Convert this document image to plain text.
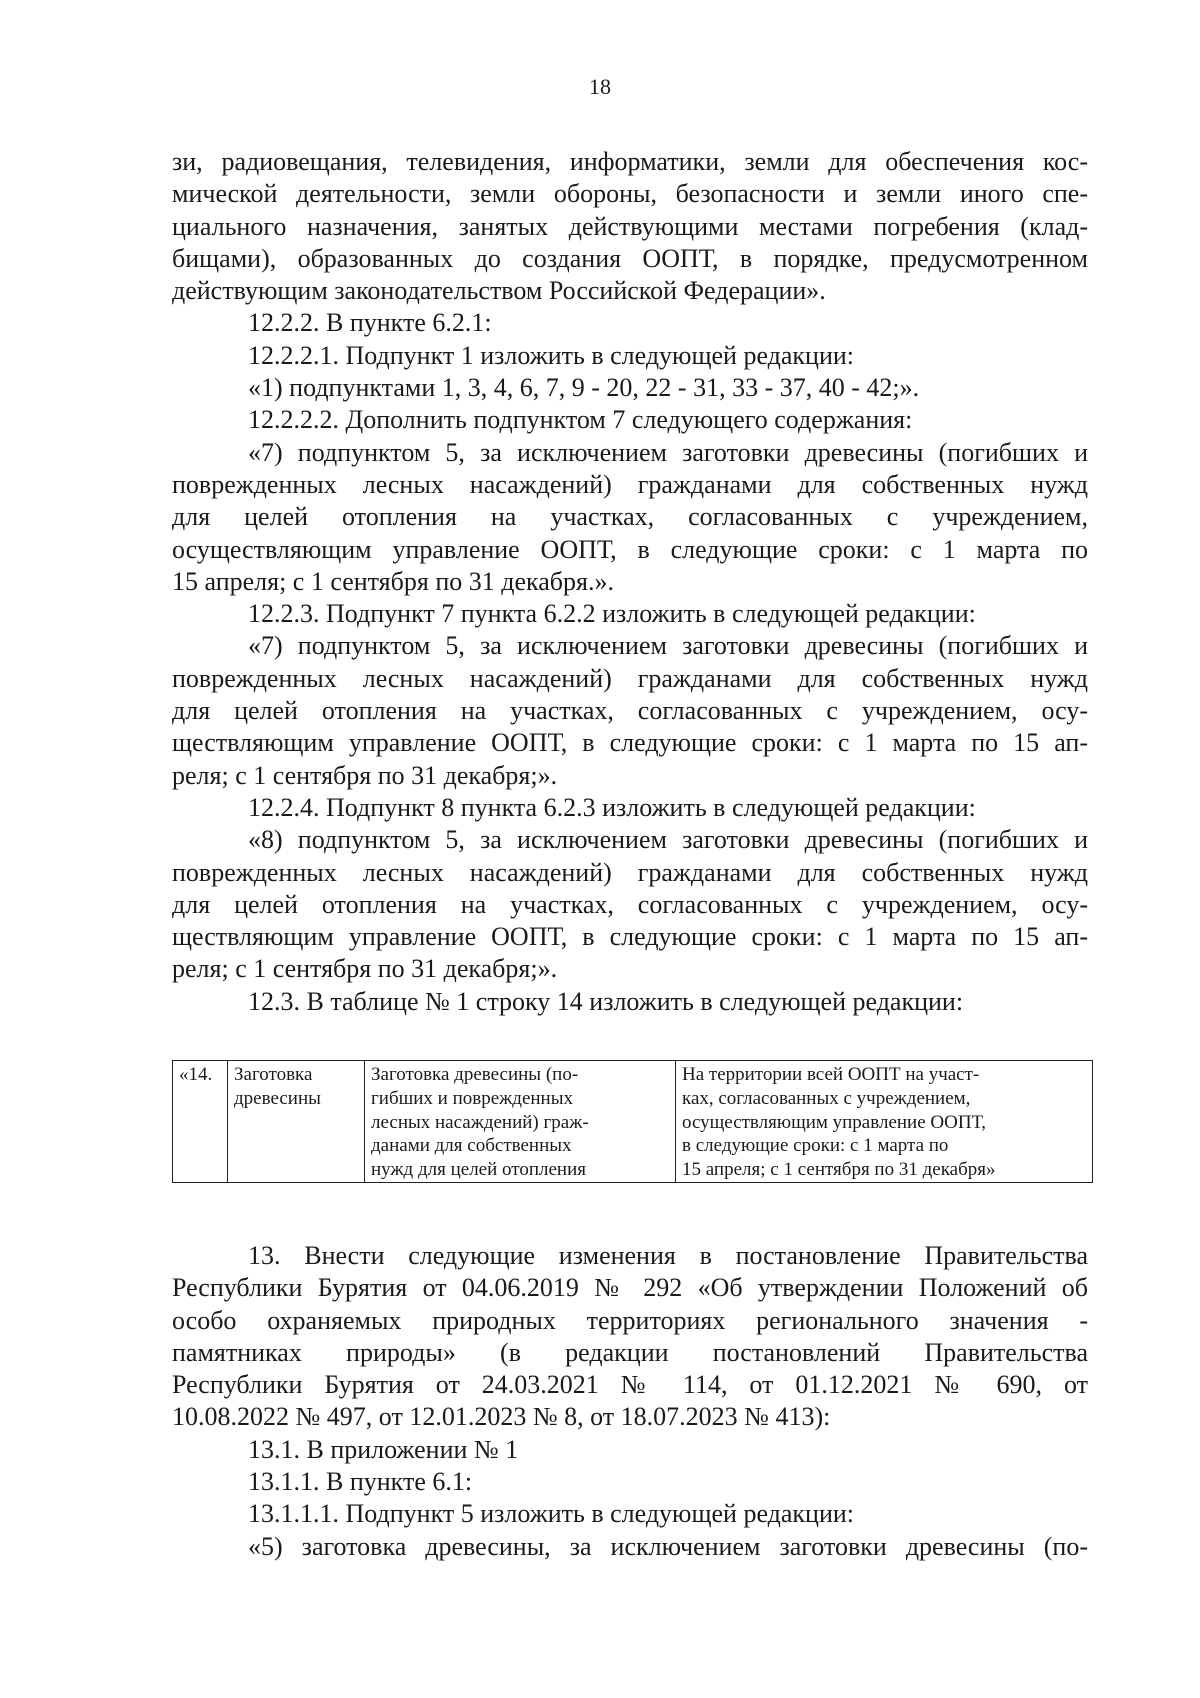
18
зи, радиовещания, телевидения, информатики, земли для обеспечения кос-
мической деятельности, земли обороны, безопасности и земли иного спе-
циального назначения, занятых действующими местами погребения (клад-
бищами), образованных до создания ООПТ, в порядке, предусмотренном
действующим законодательством Российской Федерации».
12.2.2. В пункте 6.2.1:
12.2.2.1. Подпункт 1 изложить в следующей редакции:
«1) подпунктами 1, 3, 4, 6, 7, 9 - 20, 22 - 31, 33 - 37, 40 - 42;».
12.2.2.2. Дополнить подпунктом 7 следующего содержания:
«7) подпунктом 5, за исключением заготовки древесины (погибших и
поврежденных лесных насаждений) гражданами для собственных нужд
для целей отопления на участках, согласованных с учреждением,
осуществляющим управление ООПТ, в следующие сроки: с 1 марта по
15 апреля; с 1 сентября по 31 декабря.».
12.2.3. Подпункт 7 пункта 6.2.2 изложить в следующей редакции:
«7) подпунктом 5, за исключением заготовки древесины (погибших и
поврежденных лесных насаждений) гражданами для собственных нужд
для целей отопления на участках, согласованных с учреждением, осу-
ществляющим управление ООПТ, в следующие сроки: с 1 марта по 15 ап-
реля; с 1 сентября по 31 декабря;».
12.2.4. Подпункт 8 пункта 6.2.3 изложить в следующей редакции:
«8) подпунктом 5, за исключением заготовки древесины (погибших и
поврежденных лесных насаждений) гражданами для собственных нужд
для целей отопления на участках, согласованных с учреждением, осу-
ществляющим управление ООПТ, в следующие сроки: с 1 марта по 15 ап-
реля; с 1 сентября по 31 декабря;».
12.3. В таблице № 1 строку 14 изложить в следующей редакции:
«14.	Заготовка
древесины	Заготовка древесины (по-
гибших и поврежденных
лесных насаждений) граж-
данами для собственных
нужд для целей отопления	На территории всей ООПТ на участ-
ках, согласованных с учреждением,
осуществляющим управление ООПТ,
в следующие сроки: с 1 марта по
15 апреля; с 1 сентября по 31 декабря»
13. Внести следующие изменения в постановление Правительства
Республики Бурятия от 04.06.2019 № 292 «Об утверждении Положений об
особо охраняемых природных территориях регионального значения -
памятниках природы» (в редакции постановлений Правительства
Республики Бурятия от 24.03.2021 № 114, от 01.12.2021 № 690, от
10.08.2022 № 497, от 12.01.2023 № 8, от 18.07.2023 № 413):
13.1. В приложении № 1
13.1.1. В пункте 6.1:
13.1.1.1. Подпункт 5 изложить в следующей редакции:
«5) заготовка древесины, за исключением заготовки древесины (по-
